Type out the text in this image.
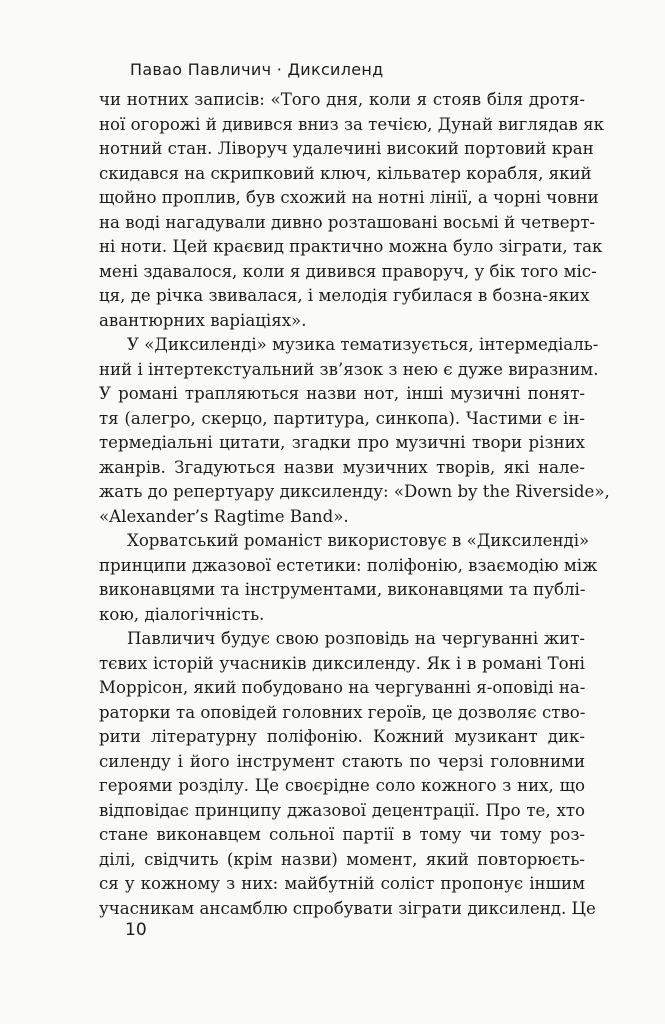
Павао Павличич · Диксиленд
чи нотних записів: «Того дня, коли я стояв біля дротя-
ної огорожі й дивився вниз за течією, Дунай виглядав як
нотний стан. Ліворуч удалечині високий портовий кран
скидався на скрипковий ключ, кільватер корабля, який
щойно проплив, був схожий на нотні лінії, а чорні човни
на воді нагадували дивно розташовані восьмі й четверт-
ні ноти. Цей краєвид практично можна було зіграти, так
мені здавалося, коли я дивився праворуч, у бік того міс-
ця, де річка звивалася, і мелодія губилася в бозна-яких
авантюрних варіаціях».
У «Диксиленді» музика тематизується, інтермедіаль-
ний і інтертекстуальний зв’язок з нею є дуже виразним.
У романі трапляються назви нот, інші музичні понят-
тя (алегро, скерцо, партитура, синкопа). Частими є ін-
термедіальні цитати, згадки про музичні твори різних
жанрів. Згадуються назви музичних творів, які нале-
жать до репертуару диксиленду: «Down by the Riverside»,
«Alexander’s Ragtime Band».
Хорватський романіст використовує в «Диксиленді»
принципи джазової естетики: поліфонію, взаємодію між
виконавцями та інструментами, виконавцями та публі-
кою, діалогічність.
Павличич будує свою розповідь на чергуванні жит-
тєвих історій учасників диксиленду. Як і в романі Тоні
Моррісон, який побудовано на чергуванні я-оповіді на-
раторки та оповідей головних героїв, це дозволяє ство-
рити літературну поліфонію. Кожний музикант дик-
силенду і його інструмент стають по черзі головними
героями розділу. Це своєрідне соло кожного з них, що
відповідає принципу джазової децентрації. Про те, хто
стане виконавцем сольної партії в тому чи тому роз-
ділі, свідчить (крім назви) момент, який повторюєть-
ся у кожному з них: майбутній соліст пропонує іншим
учасникам ансамблю спробувати зіграти диксиленд. Це
10
